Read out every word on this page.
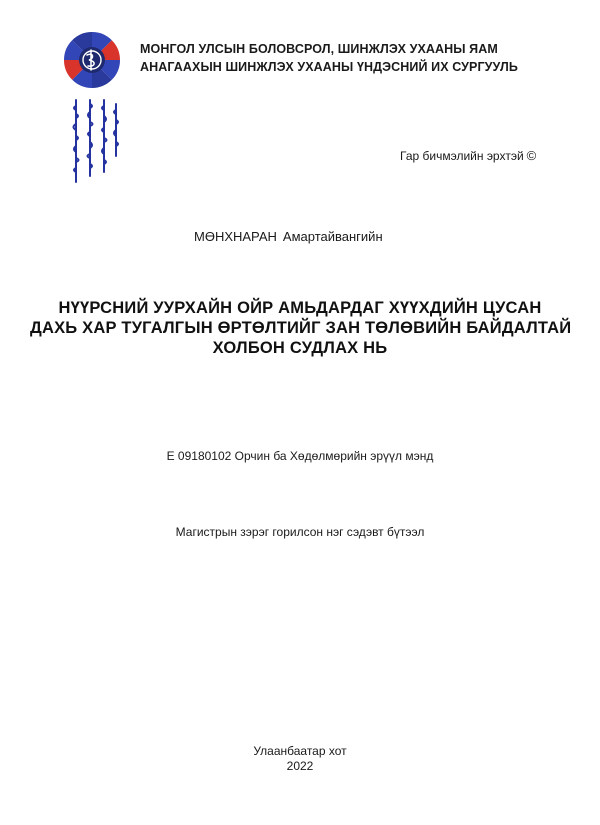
МОНГОЛ УЛСЫН БОЛОВСРОЛ, ШИНЖЛЭХ УХААНЫ ЯАМ
АНАГААХЫН ШИНЖЛЭХ УХААНЫ ҮНДЭСНИЙ ИХ СУРГУУЛЬ
Гар бичмэлийн эрхтэй ©
МӨНХНАРАН Амартайвангийн
НҮҮРСНИЙ УУРХАЙН ОЙР АМЬДАРДАГ ХҮҮХДИЙН ЦУСАН
ДАХЬ ХАР ТУГАЛГЫН ӨРТӨЛТИЙГ ЗАН ТӨЛӨВИЙН БАЙДАЛТАЙ
ХОЛБОН СУДЛАХ НЬ
Е 09180102 Орчин ба Хөдөлмөрийн эрүүл мэнд
Магистрын зэрэг горилсон нэг сэдэвт бүтээл
Улаанбаатар хот
2022
